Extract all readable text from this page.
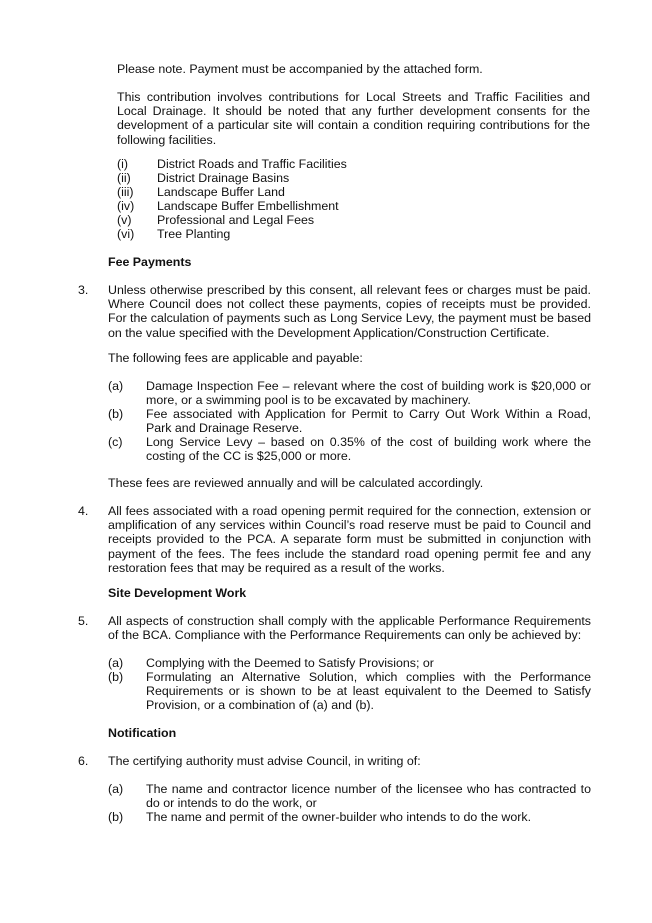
Please note. Payment must be accompanied by the attached form.

This contribution involves contributions for Local Streets and Traffic Facilities and Local Drainage. It should be noted that any further development consents for the development of a particular site will contain a condition requiring contributions for the following facilities.

(i) District Roads and Traffic Facilities
(ii) District Drainage Basins
(iii) Landscape Buffer Land
(iv) Landscape Buffer Embellishment
(v) Professional and Legal Fees
(vi) Tree Planting

Fee Payments

3. Unless otherwise prescribed by this consent, all relevant fees or charges must be paid. Where Council does not collect these payments, copies of receipts must be provided. For the calculation of payments such as Long Service Levy, the payment must be based on the value specified with the Development Application/Construction Certificate.

The following fees are applicable and payable:

(a) Damage Inspection Fee – relevant where the cost of building work is $20,000 or more, or a swimming pool is to be excavated by machinery.
(b) Fee associated with Application for Permit to Carry Out Work Within a Road, Park and Drainage Reserve.
(c) Long Service Levy – based on 0.35% of the cost of building work where the costing of the CC is $25,000 or more.

These fees are reviewed annually and will be calculated accordingly.

4. All fees associated with a road opening permit required for the connection, extension or amplification of any services within Council’s road reserve must be paid to Council and receipts provided to the PCA. A separate form must be submitted in conjunction with payment of the fees. The fees include the standard road opening permit fee and any restoration fees that may be required as a result of the works.

Site Development Work

5. All aspects of construction shall comply with the applicable Performance Requirements of the BCA. Compliance with the Performance Requirements can only be achieved by:

(a) Complying with the Deemed to Satisfy Provisions; or
(b) Formulating an Alternative Solution, which complies with the Performance Requirements or is shown to be at least equivalent to the Deemed to Satisfy Provision, or a combination of (a) and (b).

Notification

6. The certifying authority must advise Council, in writing of:

(a) The name and contractor licence number of the licensee who has contracted to do or intends to do the work, or
(b) The name and permit of the owner-builder who intends to do the work.
